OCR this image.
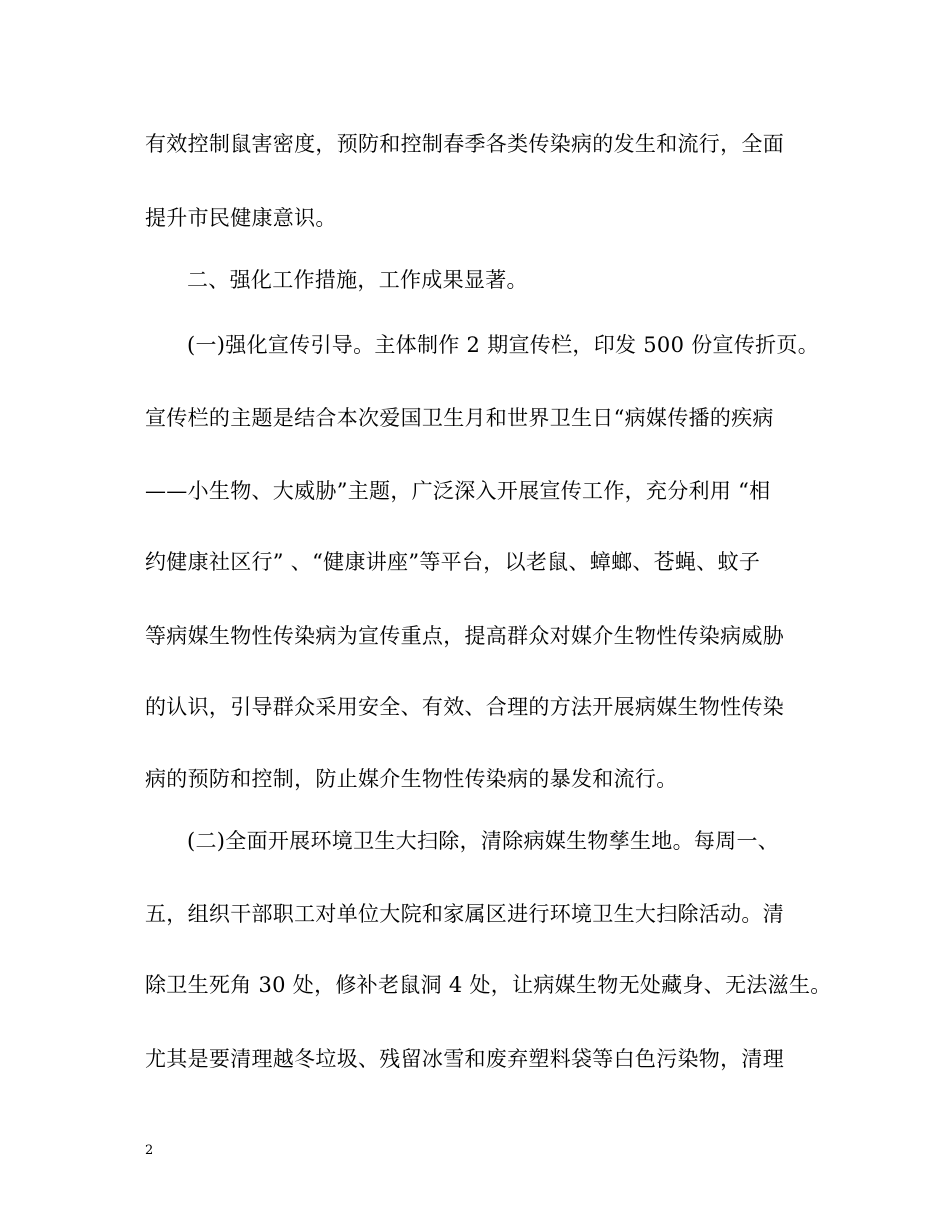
有效控制鼠害密度，预防和控制春季各类传染病的发生和流行，全面
提升市民健康意识。
二、强化工作措施，工作成果显著。
(一)强化宣传引导。主体制作 2 期宣传栏，印发 500 份宣传折页。
宣传栏的主题是结合本次爱国卫生月和世界卫生日“病媒传播的疾病
——小生物、大威胁”主题，广泛深入开展宣传工作，充分利用 “相
约健康社区行” 、“健康讲座”等平台，以老鼠、蟑螂、苍蝇、蚊子
等病媒生物性传染病为宣传重点，提高群众对媒介生物性传染病威胁
的认识，引导群众采用安全、有效、合理的方法开展病媒生物性传染
病的预防和控制，防止媒介生物性传染病的暴发和流行。
(二)全面开展环境卫生大扫除，清除病媒生物孳生地。每周一、
五，组织干部职工对单位大院和家属区进行环境卫生大扫除活动。清
除卫生死角 30 处，修补老鼠洞 4 处，让病媒生物无处藏身、无法滋生。
尤其是要清理越冬垃圾、残留冰雪和废弃塑料袋等白色污染物，清理
2
